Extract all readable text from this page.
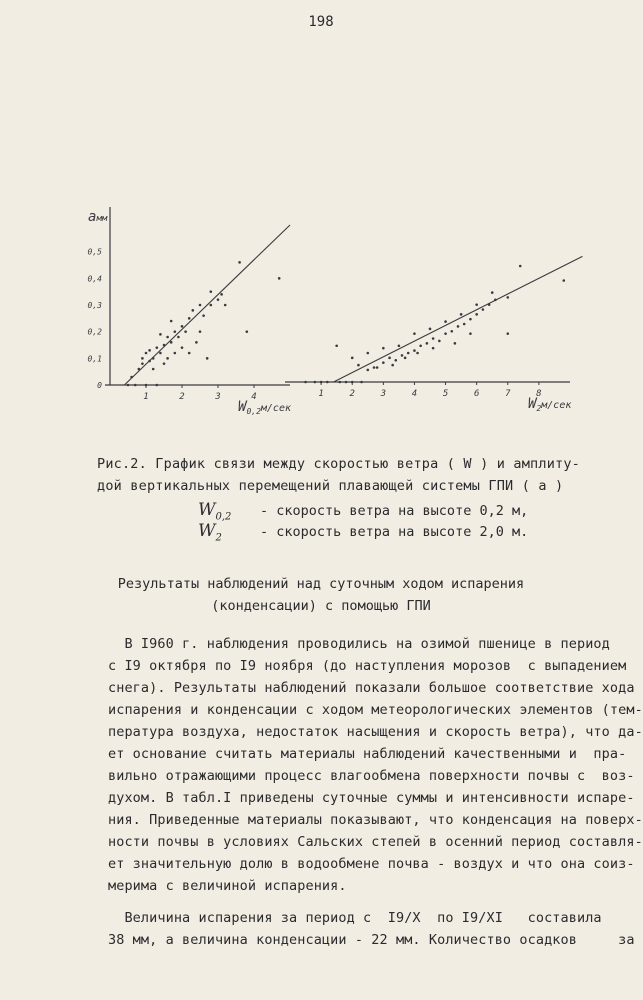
198
0
0,1
0,2
0,3
0,4
0,5
aмм
1	2	3	4
$W_{0,2}^{м/сек}$
1	2	3	4	5	6	7	8
$W_2^{м/сек}$
Рис.2. График связи между скоростью ветра ( W ) и амплиту-
дой вертикальных перемещений плавающей системы ГПИ ( а )
$W_{0,2}$ - скорость ветра на высоте 0,2 м,
$W_2$	- скорость ветра на высоте 2,0 м.
Результаты наблюдений над суточным ходом испарения
(конденсации) с помощью ГПИ
В I960 г. наблюдения проводились на озимой пшенице в период
с I9 октября по I9 ноября (до наступления морозов  с выпадением
снега). Результаты наблюдений показали большое соответствие хода
испарения и конденсации с ходом метеорологических элементов (тем-
пература воздуха, недостаток насыщения и скорость ветра), что да-
ет основание считать материалы наблюдений качественными и  пра-
вильно отражающими процесс влагообмена поверхности почвы с  воз-
духом. В табл.I приведены суточные суммы и интенсивности испаре-
ния. Приведенные материалы показывают, что конденсация на поверх-
ности почвы в условиях Сальских степей в осенний период составля-
ет значительную долю в водообмене почва - воздух и что она соиз-
меримa с величиной испарения.
Величина испарения за период с  I9/X  по I9/XI   составила
38 мм, а величина конденсации - 22 мм. Количество осадков     за
